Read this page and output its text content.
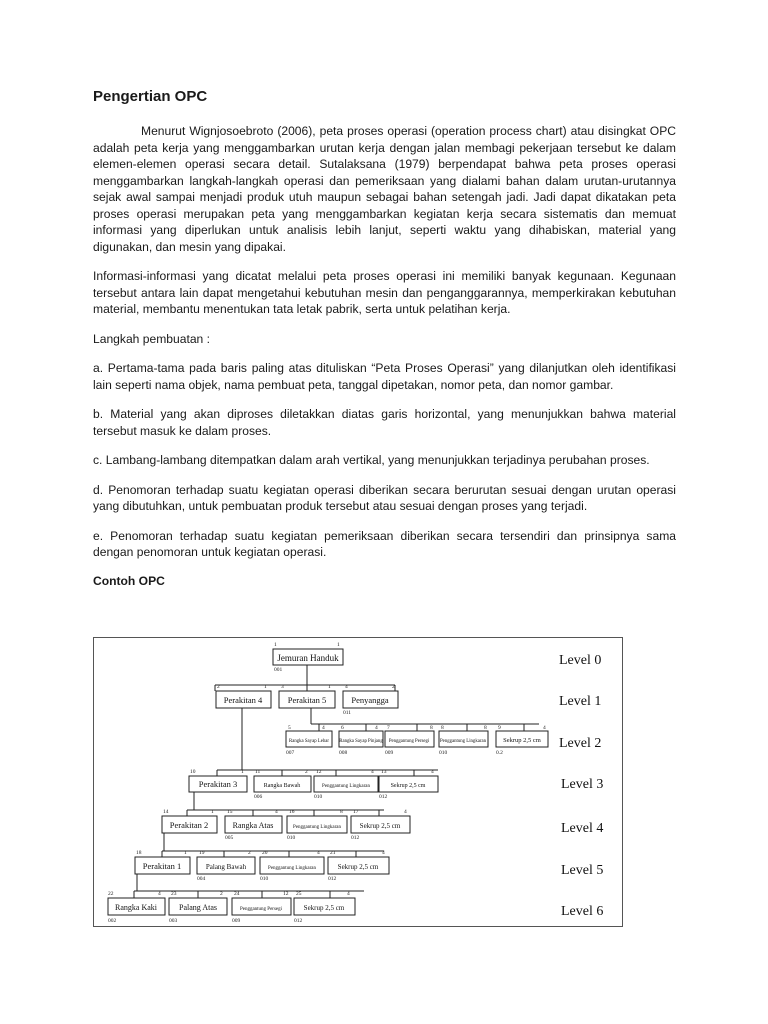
Pengertian OPC

Menurut Wignjosoebroto (2006), peta proses operasi (operation process chart) atau disingkat OPC adalah peta kerja yang menggambarkan urutan kerja dengan jalan membagi pekerjaan tersebut ke dalam elemen-elemen operasi secara detail. Sutalaksana (1979) berpendapat bahwa peta proses operasi menggambarkan langkah-langkah operasi dan pemeriksaan yang dialami bahan dalam urutan-urutannya sejak awal sampai menjadi produk utuh maupun sebagai bahan setengah jadi. Jadi dapat dikatakan peta proses operasi merupakan peta yang menggambarkan kegiatan kerja secara sistematis dan memuat informasi yang diperlukan untuk analisis lebih lanjut, seperti waktu yang dihabiskan, material yang digunakan, dan mesin yang dipakai.

Informasi-informasi yang dicatat melalui peta proses operasi ini memiliki banyak kegunaan. Kegunaan tersebut antara lain dapat mengetahui kebutuhan mesin dan penganggarannya, memperkirakan kebutuhan material, membantu menentukan tata letak pabrik, serta untuk pelatihan kerja.

Langkah pembuatan :

a. Pertama-tama pada baris paling atas dituliskan “Peta Proses Operasi” yang dilanjutkan oleh identifikasi lain seperti nama objek, nama pembuat peta, tanggal dipetakan, nomor peta, dan nomor gambar.

b. Material yang akan diproses diletakkan diatas garis horizontal, yang menunjukkan bahwa material tersebut masuk ke dalam proses.

c. Lambang-lambang ditempatkan dalam arah vertikal, yang menunjukkan terjadinya perubahan proses.

d. Penomoran terhadap suatu kegiatan operasi diberikan secara berurutan sesuai dengan urutan operasi yang dibutuhkan, untuk pembuatan produk tersebut atau sesuai dengan proses yang terjadi.

e. Penomoran terhadap suatu kegiatan pemeriksaan diberikan secara tersendiri dan prinsipnya sama dengan penomoran untuk kegiatan operasi.

Contoh OPC
Jemuran Handuk
Perakitan 4	Perakitan 5	Penyangga
Rangka Sayap Lebar Rangka Sayap Pinjang Penggantung Persegi Penggantung Lingkaran	Sekrup 2,5 cm
Perakitan 3	Rangka Bawah	Penggantung Lingkaran	Sekrup 2,5 cm
Perakitan 2	Rangka Atas	Penggantung Lingkaran	Sekrup 2,5 cm
Perakitan 1	Palang Bawah	Penggantung Lingkaran	Sekrup 2,5 cm
Rangka Kaki	Palang Atas	Penggantung Persegi	Sekrup 2,5 cm
1	1
001
2	1	3	1	4	2
011
5	4	6	4 7	8 8	8 9	4
007	008	009	010	0.2
10	1 11	2 12	4 13	4
006	010	012
14	1 15	4 16	8 17	4
005	010	012
18	1 19	2 20	4 21	4
004	010	012
22	4 23	2 24	12 25	4
002	003	009	012
Level 0
Level 1
Level 2
Level 3
Level 4
Level 5
Level 6
